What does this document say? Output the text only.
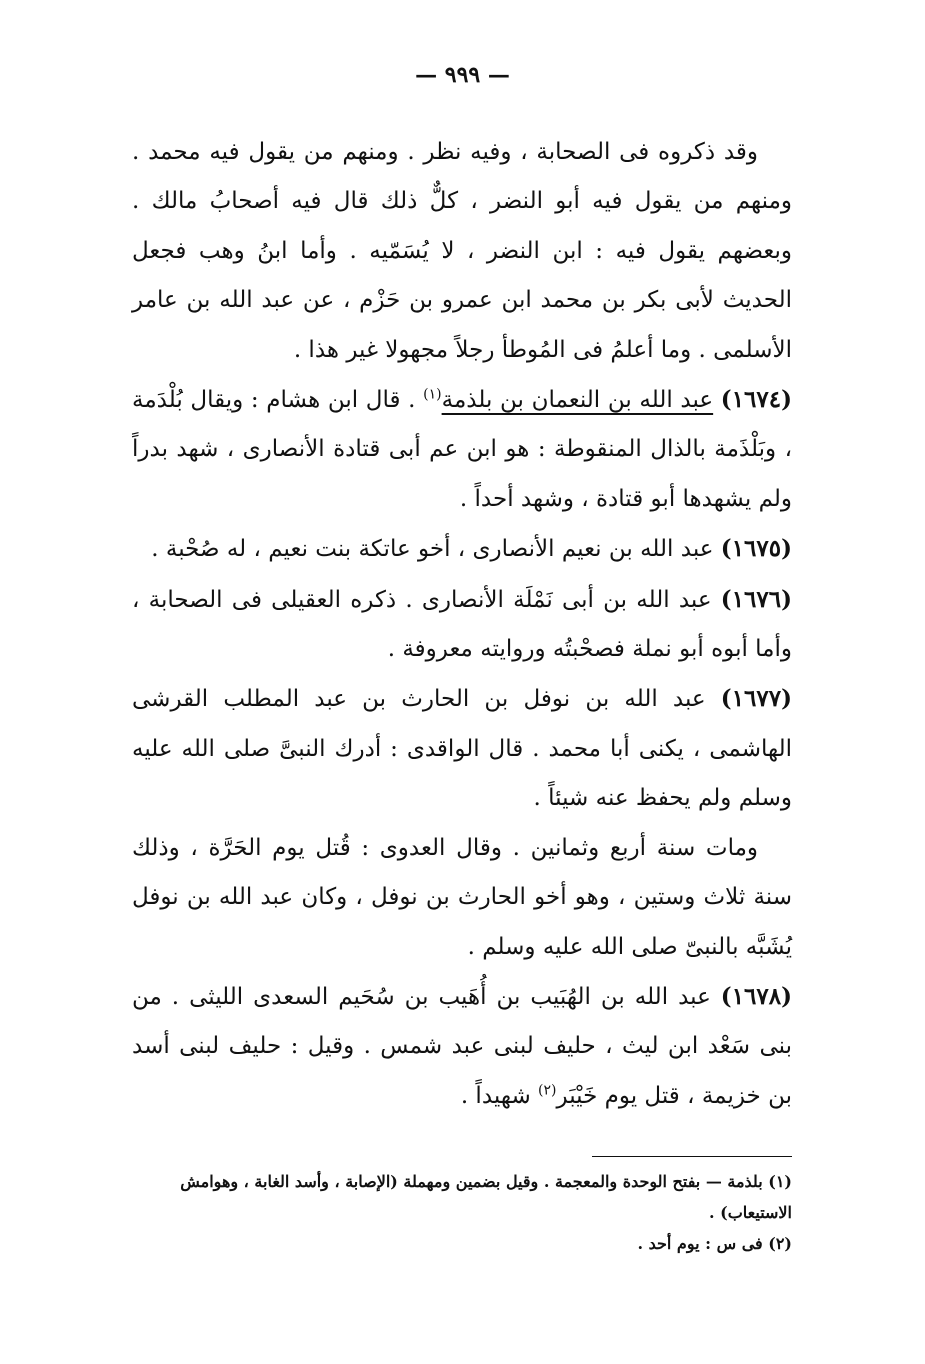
— ٩٩٩ —

وقد ذكروه فى الصحابة ، وفيه نظر . ومنهم من يقول فيه محمد . ومنهم من يقول فيه أبو النضر ، كلٌّ ذلك قال فيه أصحابُ مالك . وبعضهم يقول فيه : ابن النضر ، لا يُسَمّيه . وأما ابنُ وهب فجعل الحديث لأبى بكر بن محمد ابن عمرو بن حَزْم ، عن عبد الله بن عامر الأسلمى . وما أعلمُ فى المُوطأ رجلاً مجهولا غير هذا .

(١٦٧٤) عبد الله بن النعمان بن بلذمة$^{(١)}$ . قال ابن هشام : ويقال بُلْدَمة ، وبَلْذَمة بالذال المنقوطة : هو ابن عم أبى قتادة الأنصارى ، شهد بدراً ولم يشهدها أبو قتادة ، وشهد أحداً .

(١٦٧٥) عبد الله بن نعيم الأنصارى ، أخو عاتكة بنت نعيم ، له صُحْبة .

(١٦٧٦) عبد الله بن أبى نَمْلَة الأنصارى . ذكره العقيلى فى الصحابة ، وأما أبوه أبو نملة فصحْبتُه وروايته معروفة .

(١٦٧٧) عبد الله بن نوفل بن الحارث بن عبد المطلب القرشى الهاشمى ، يكنى أبا محمد . قال الواقدى : أدرك النبىَّ صلى الله عليه وسلم ولم يحفظ عنه شيئاً .

ومات سنة أربع وثمانين . وقال العدوى : قُتل يوم الحَرَّة ، وذلك سنة ثلاث وستين ، وهو أخو الحارث بن نوفل ، وكان عبد الله بن نوفل يُشَبَّه بالنبىّ صلى الله عليه وسلم .

(١٦٧٨) عبد الله بن الهُبَيب بن أُهَيب بن سُحَيم السعدى الليثى . من بنى سَعْد ابن ليث ، حليف لبنى عبد شمس . وقيل : حليف لبنى أسد بن خزيمة ، قتل يوم خَيْبَر$^{(٢)}$ شهيداً .

(١) بلذمة — بفتح الوحدة والمعجمة . وقيل بضمين ومهملة (الإصابة ، وأسد الغابة ، وهوامش الاستيعاب) .

(٢) فى س : يوم أحد .
